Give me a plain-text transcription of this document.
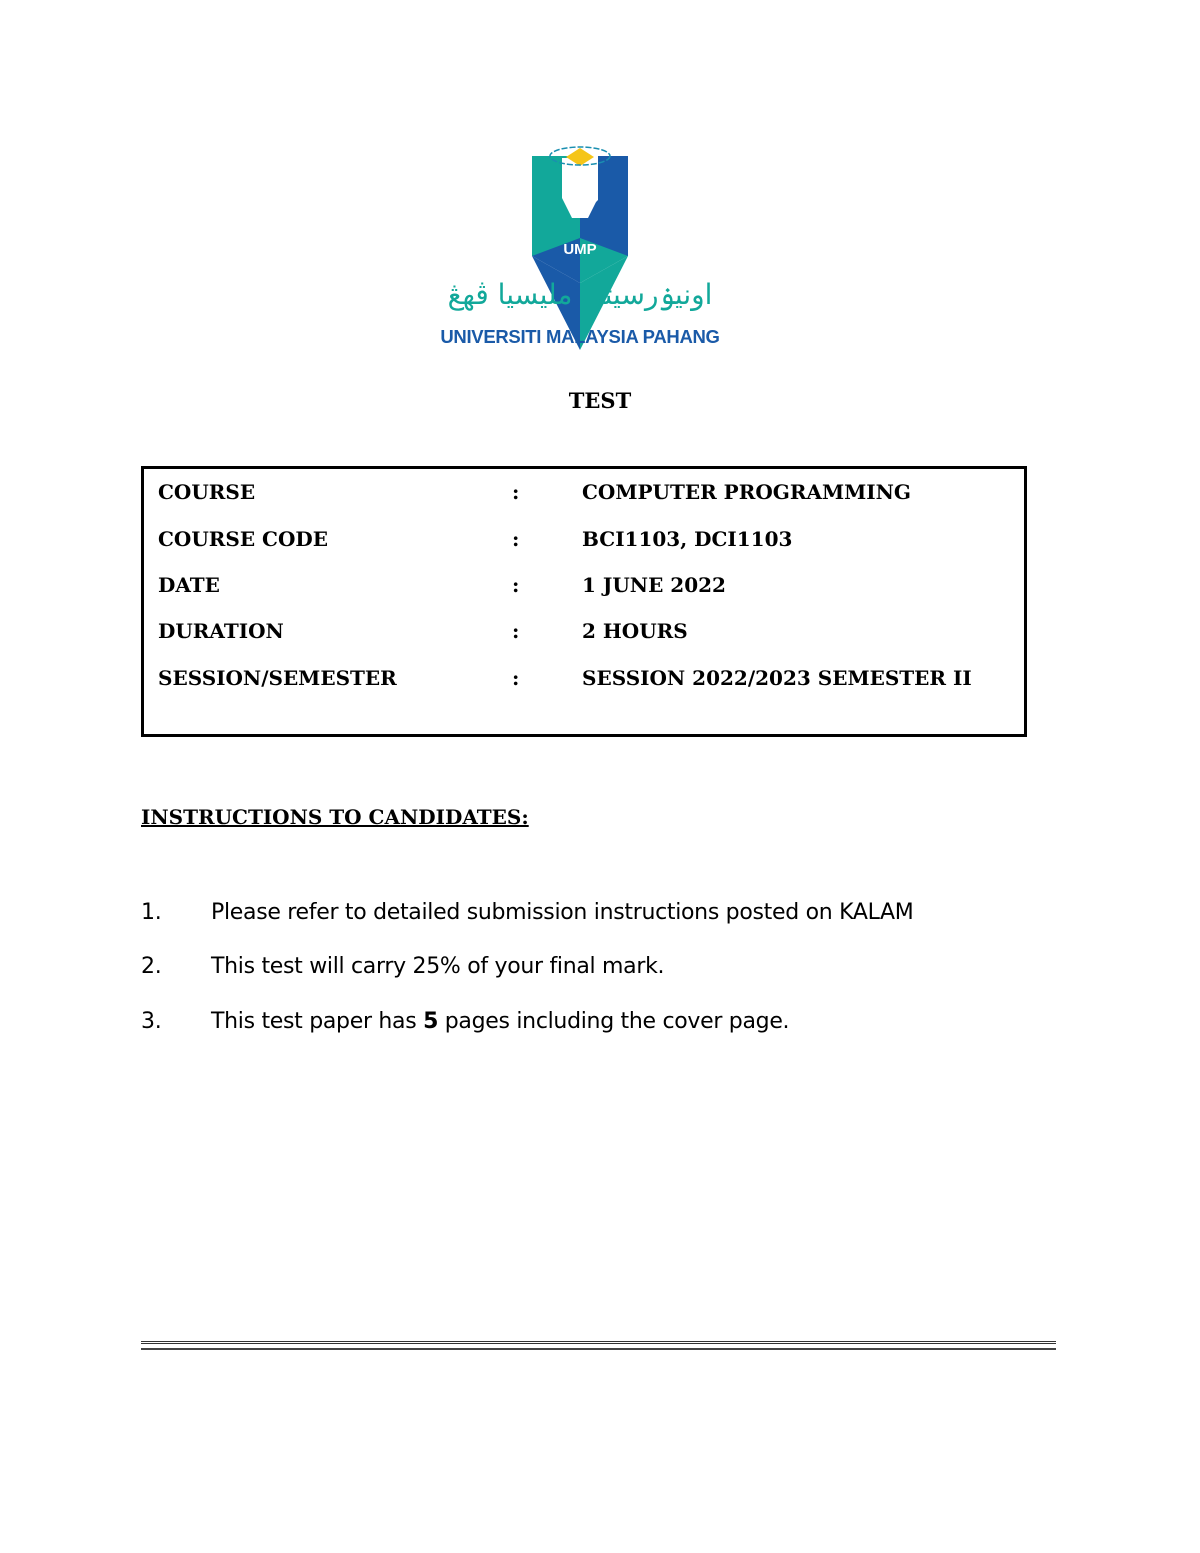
UMP
اونيۏرسيتي مليسيا ڤهڠ
UNIVERSITI MALAYSIA PAHANG
TEST
COURSE	:	COMPUTER PROGRAMMING
COURSE CODE	:	BCI1103, DCI1103
DATE	:	1 JUNE 2022
DURATION	:	2 HOURS
SESSION/SEMESTER	:	SESSION 2022/2023 SEMESTER II
INSTRUCTIONS TO CANDIDATES:
1. Please refer to detailed submission instructions posted on KALAM
2. This test will carry 25% of your final mark.
3. This test paper has 5 pages including the cover page.
